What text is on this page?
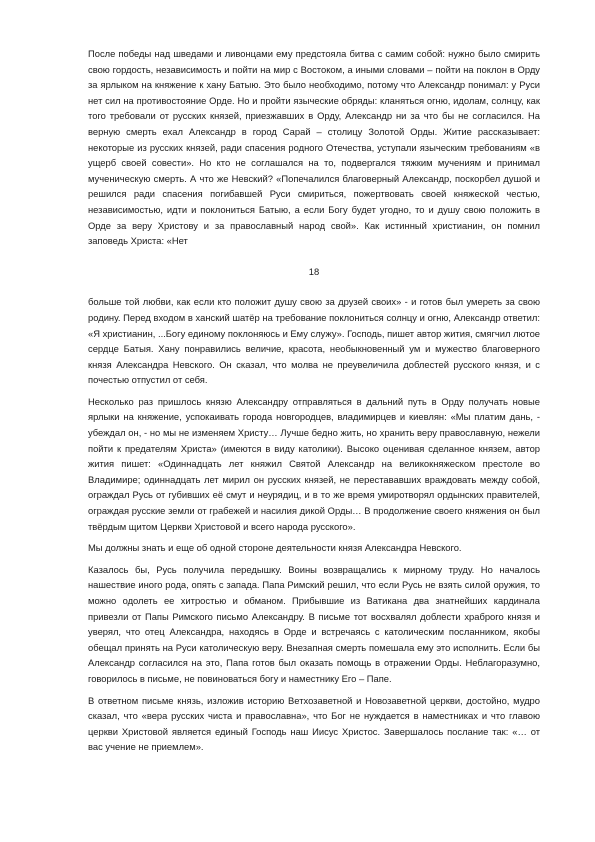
После победы над шведами и ливонцами ему предстояла битва с самим собой: нужно было смирить свою гордость, независимость и пойти на мир с Востоком, а иными словами – пойти на поклон в Орду за ярлыком на княжение к хану Батыю. Это было необходимо, потому что Александр понимал: у Руси нет сил на противостояние Орде. Но и пройти языческие обряды: кланяться огню, идолам, солнцу, как того требовали от русских князей, приезжавших в Орду, Александр ни за что бы не согласился. На верную смерть ехал Александр в город Сарай – столицу Золотой Орды. Житие рассказывает: некоторые из русских князей, ради спасения родного Отечества, уступали языческим требованиям «в ущерб своей совести». Но кто не соглашался на то, подвергался тяжким мучениям и принимал мученическую смерть. А что же Невский? «Попечалился благоверный Александр, поскорбел душой и решился ради спасения погибавшей Руси смириться, пожертвовать своей княжеской честью, независимостью, идти и поклониться Батыю, а если Богу будет угодно, то и душу свою положить в Орде за веру Христову и за православный народ свой». Как истинный христианин, он помнил заповедь Христа: «Нет

18

больше той любви, как если кто положит душу свою за друзей своих» - и готов был умереть за свою родину. Перед входом в ханский шатёр на требование поклониться солнцу и огню, Александр ответил: «Я христианин, ...Богу единому поклоняюсь и Ему служу». Господь, пишет автор жития, смягчил лютое сердце Батыя. Хану понравились величие, красота, необыкновенный ум и мужество благоверного князя Александра Невского. Он сказал, что молва не преувеличила доблестей русского князя, и с почестью отпустил от себя.

Несколько раз пришлось князю Александру отправляться в дальний путь в Орду получать новые ярлыки на княжение, успокаивать города новгородцев, владимирцев и киевлян: «Мы платим дань, - убеждал он, - но мы не изменяем Христу… Лучше бедно жить, но хранить веру православную, нежели пойти к предателям Христа» (имеются в виду католики). Высоко оценивая сделанное князем, автор жития пишет: «Одиннадцать лет княжил Святой Александр на великокняжеском престоле во Владимире; одиннадцать лет мирил он русских князей, не перестававших враждовать между собой, ограждал Русь от губивших её смут и неурядиц, и в то же время умиротворял ордынских правителей, ограждая русские земли от грабежей и насилия дикой Орды… В продолжение своего княжения он был твёрдым щитом Церкви Христовой и всего народа русского».

Мы должны знать и еще об одной стороне деятельности князя Александра Невского.

Казалось бы, Русь получила передышку. Воины возвращались к мирному труду. Но началось нашествие иного рода, опять с запада. Папа Римский решил, что если Русь не взять силой оружия, то можно одолеть ее хитростью и обманом. Прибывшие из Ватикана два знатнейших кардинала привезли от Папы Римского письмо Александру. В письме тот восхвалял доблести храброго князя и уверял, что отец Александра, находясь в Орде и встречаясь с католическим посланником, якобы обещал принять на Руси католическую веру. Внезапная смерть помешала ему это исполнить. Если бы Александр согласился на это, Папа готов был оказать помощь в отражении Орды. Неблагоразумно, говорилось в письме, не повиноваться богу и наместнику Его – Папе.

В ответном письме князь, изложив историю Ветхозаветной и Новозаветной церкви, достойно, мудро сказал, что «вера русских чиста и православна», что Бог не нуждается в наместниках и что главою церкви Христовой является единый Господь наш Иисус Христос. Завершалось послание так: «… от вас учение не приемлем».
